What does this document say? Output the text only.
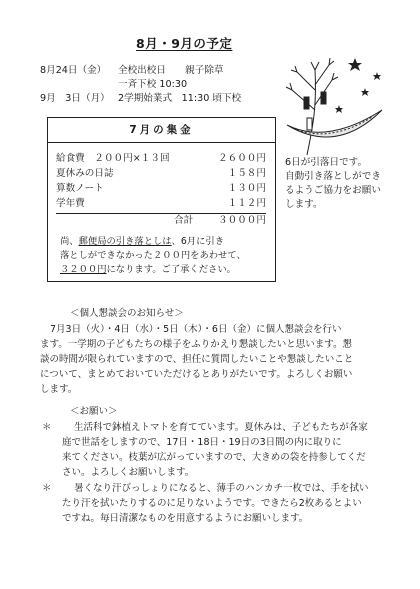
8月・9月の予定
8月24日（金） 全校出校日　　親子除草
一斉下校 10:30
9月　3日（月） 2学期始業式　11:30 頃下校
7月の集金
給食費　２００円×１３回	２６００円
夏休みの日誌	１５８円
算数ノート	１３０円
学年費	１１２円
合計	３０００円
尚、郵便局の引き落としは、6月に引き
落としができなかった２００円をあわせて、
３２００円になります。ご了承ください。
6日が引落日です。
自動引き落としができ
るようご協力をお願い
します。
＜個人懇談会のお知らせ＞
7月3日（火）・4日（水）・5日（木）・6日（金）に個人懇談会を行い
ます。一学期の子どもたちの様子をふりかえり懇談したいと思います。懇
談の時間が限られていますので、担任に質問したいことや懇談したいこと
について、まとめておいていただけるとありがたいです。よろしくお願い
します。
＜お願い＞
＊ 生活科で鉢植えトマトを育てています。夏休みは、子どもたちが各家
庭で世話をしますので、17日・18日・19日の3日間の内に取りに
来てください。枝葉が広がっていますので、大きめの袋を持参してくだ
さい。よろしくお願いします。
＊ 暑くなり汗びっしょりになると、薄手のハンカチ一枚では、手を拭い
たり汗を拭いたりするのに足りないようです。できたら2枚あるとよい
ですね。毎日清潔なものを用意するようにお願いします。
